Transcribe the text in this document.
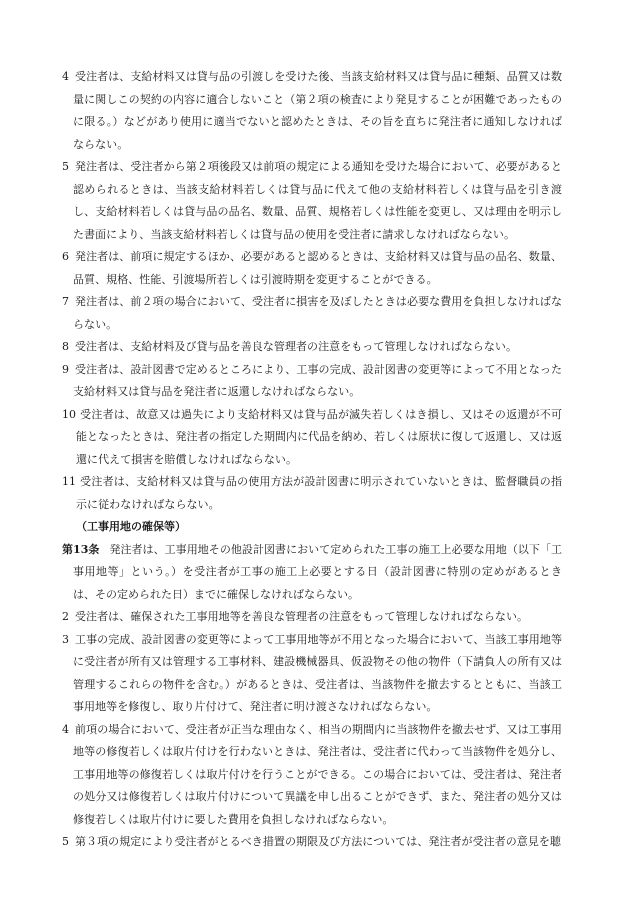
4 受注者は、支給材料又は貸与品の引渡しを受けた後、当該支給材料又は貸与品に種類、品質又は数量に関しこの契約の内容に適合しないこと（第２項の検査により発見することが困難であったものに限る。）などがあり使用に適当でないと認めたときは、その旨を直ちに発注者に通知しなければならない。

5 発注者は、受注者から第２項後段又は前項の規定による通知を受けた場合において、必要があると認められるときは、当該支給材料若しくは貸与品に代えて他の支給材料若しくは貸与品を引き渡し、支給材料若しくは貸与品の品名、数量、品質、規格若しくは性能を変更し、又は理由を明示した書面により、当該支給材料若しくは貸与品の使用を受注者に請求しなければならない。

6 発注者は、前項に規定するほか、必要があると認めるときは、支給材料又は貸与品の品名、数量、品質、規格、性能、引渡場所若しくは引渡時期を変更することができる。

7 発注者は、前２項の場合において、受注者に損害を及ぼしたときは必要な費用を負担しなければならない。

8 受注者は、支給材料及び貸与品を善良な管理者の注意をもって管理しなければならない。

9 受注者は、設計図書で定めるところにより、工事の完成、設計図書の変更等によって不用となった支給材料又は貸与品を発注者に返還しなければならない。

10 受注者は、故意又は過失により支給材料又は貸与品が滅失若しくはき損し、又はその返還が不可能となったときは、発注者の指定した期間内に代品を納め、若しくは原状に復して返還し、又は返還に代えて損害を賠償しなければならない。

11 受注者は、支給材料又は貸与品の使用方法が設計図書に明示されていないときは、監督職員の指示に従わなければならない。

（工事用地の確保等）

第13条 発注者は、工事用地その他設計図書において定められた工事の施工上必要な用地（以下「工事用地等」という。）を受注者が工事の施工上必要とする日（設計図書に特別の定めがあるときは、その定められた日）までに確保しなければならない。

2 受注者は、確保された工事用地等を善良な管理者の注意をもって管理しなければならない。

3 工事の完成、設計図書の変更等によって工事用地等が不用となった場合において、当該工事用地等に受注者が所有又は管理する工事材料、建設機械器具、仮設物その他の物件（下請負人の所有又は管理するこれらの物件を含む。）があるときは、受注者は、当該物件を撤去するとともに、当該工事用地等を修復し、取り片付けて、発注者に明け渡さなければならない。

4 前項の場合において、受注者が正当な理由なく、相当の期間内に当該物件を撤去せず、又は工事用地等の修復若しくは取片付けを行わないときは、発注者は、受注者に代わって当該物件を処分し、工事用地等の修復若しくは取片付けを行うことができる。この場合においては、受注者は、発注者の処分又は修復若しくは取片付けについて異議を申し出ることができず、また、発注者の処分又は修復若しくは取片付けに要した費用を負担しなければならない。

5 第３項の規定により受注者がとるべき措置の期限及び方法については、発注者が受注者の意見を聴
